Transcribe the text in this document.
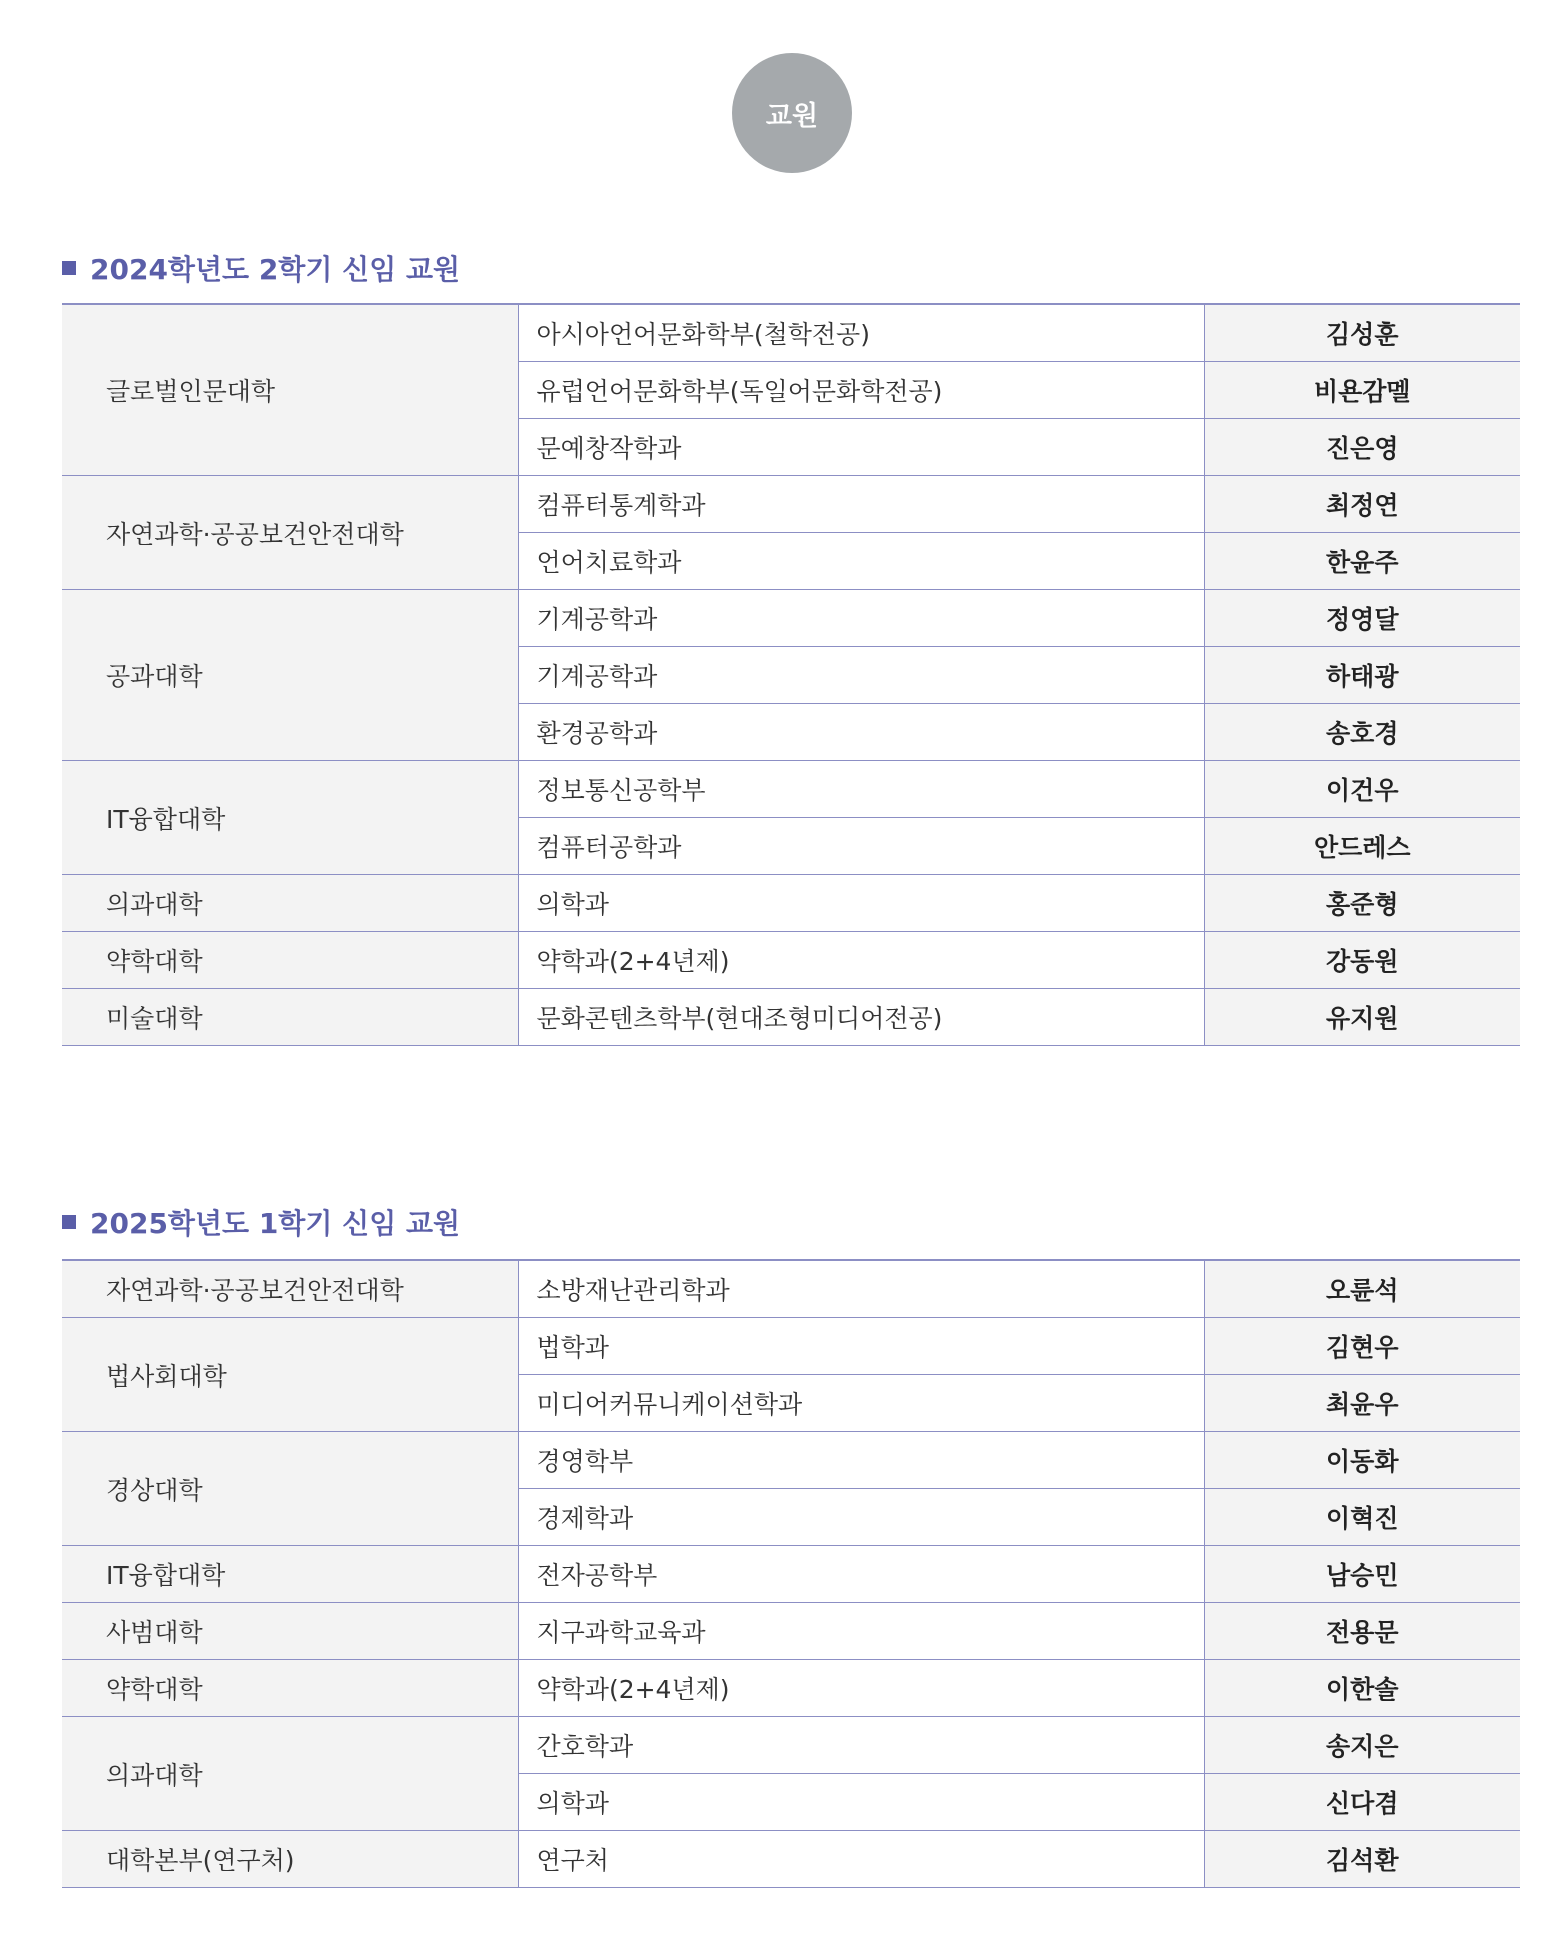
교원
2024학년도 2학기 신임 교원
글로벌인문대학	아시아언어문화학부(철학전공)	김성훈
	유럽언어문화학부(독일어문화학전공)	비욘감멜
	문예창작학과	진은영
자연과학·공공보건안전대학	컴퓨터통계학과	최정연
	언어치료학과	한윤주
공과대학	기계공학과	정영달
	기계공학과	하태광
	환경공학과	송호경
IT융합대학	정보통신공학부	이건우
	컴퓨터공학과	안드레스
의과대학	의학과	홍준형
약학대학	약학과(2+4년제)	강동원
미술대학	문화콘텐츠학부(현대조형미디어전공)	유지원
2025학년도 1학기 신임 교원
자연과학·공공보건안전대학	소방재난관리학과	오륜석
법사회대학	법학과	김현우
	미디어커뮤니케이션학과	최윤우
경상대학	경영학부	이동화
	경제학과	이혁진
IT융합대학	전자공학부	남승민
사범대학	지구과학교육과	전용문
약학대학	약학과(2+4년제)	이한솔
의과대학	간호학과	송지은
	의학과	신다겸
대학본부(연구처)	연구처	김석환
